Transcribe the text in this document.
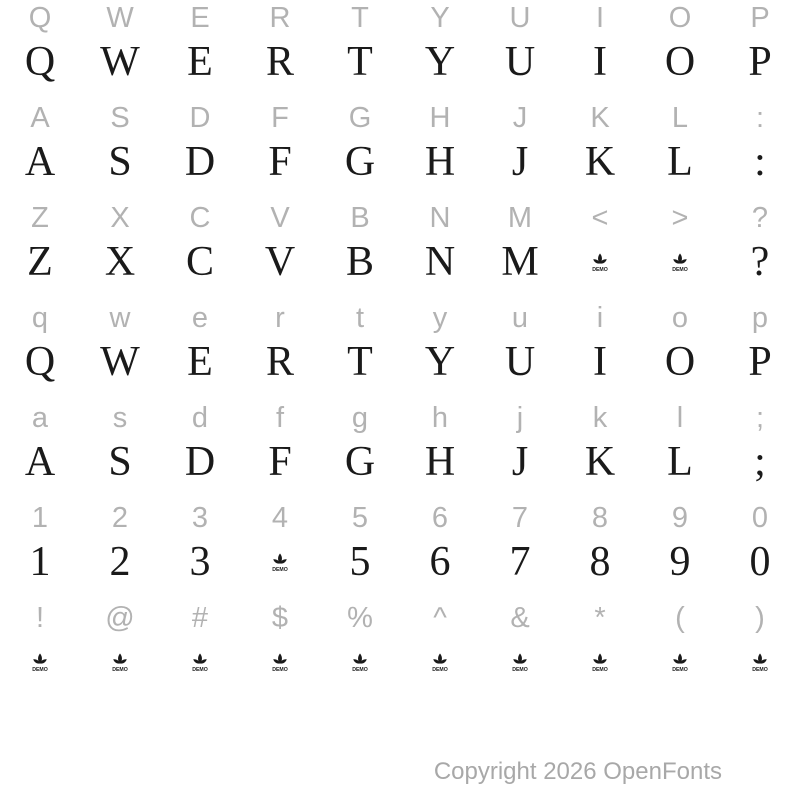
Q	W	E	R	T	Y	U	I	O	P
Q	W	E	R	T	Y	U	I	O	P
A	S	D	F	G	H	J	K	L	:
A	S	D	F	G	H	J	K	L	:
Z	X	C	V	B	N	M	<	>	?
Z	X	C	V	B	N	M	DEMO	DEMO	?
q	w	e	r	t	y	u	i	o	p
Q	W	E	R	T	Y	U	I	O	P
a	s	d	f	g	h	j	k	l	;
A	S	D	F	G	H	J	K	L	;
1	2	3	4	5	6	7	8	9	0
1	2	3	DEMO	5	6	7	8	9	0
!	@	#	$	%	^	&	*	(	)
DEMO	DEMO	DEMO	DEMO	DEMO	DEMO	DEMO	DEMO	DEMO	DEMO
Copyright 2026 OpenFonts
